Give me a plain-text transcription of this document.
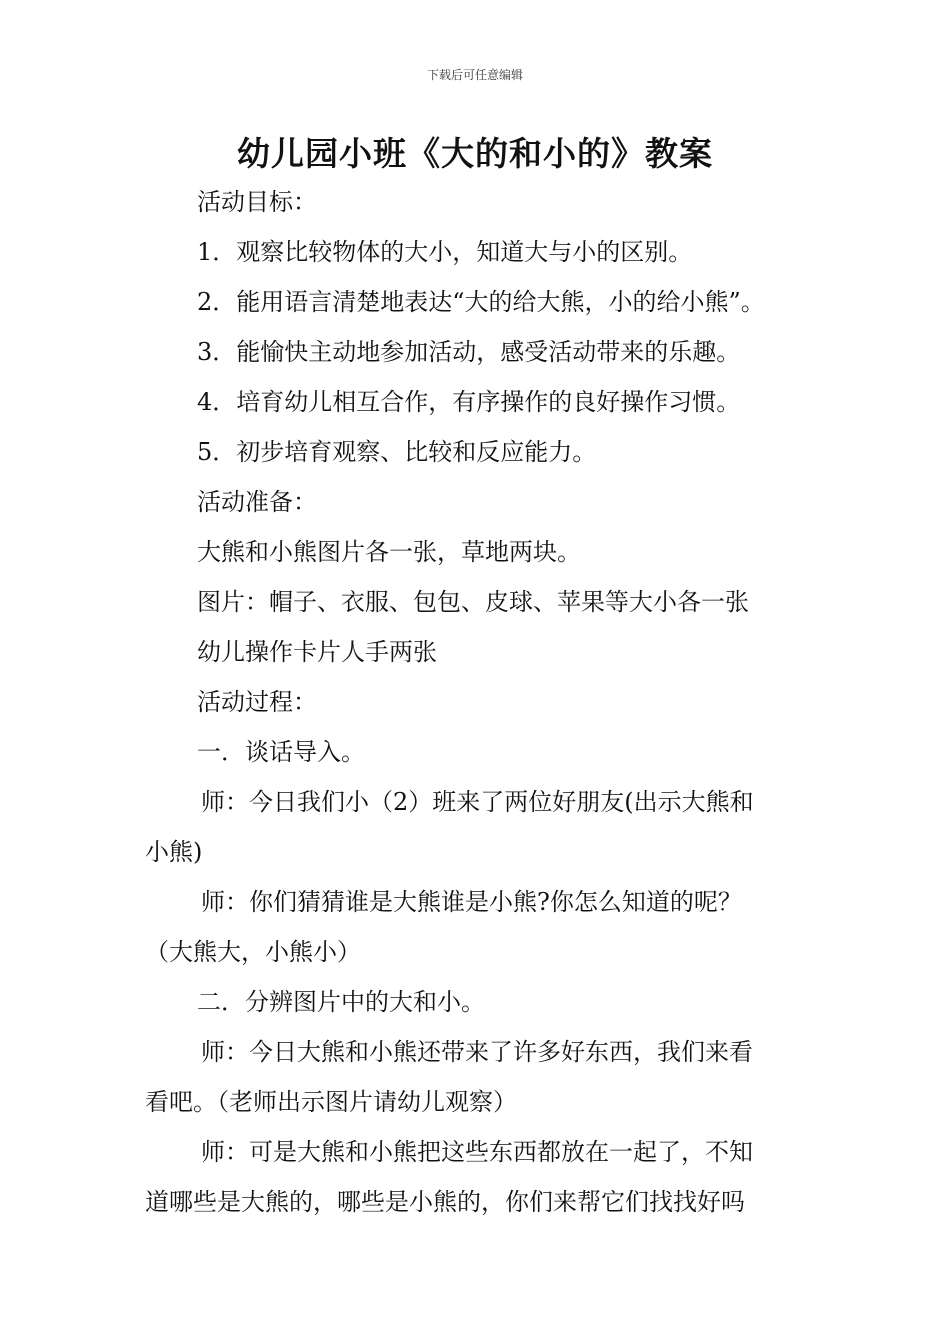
下载后可任意编辑
幼儿园小班《大的和小的》教案
活动目标：
1．观察比较物体的大小，知道大与小的区别。
2．能用语言清楚地表达“大的给大熊，小的给小熊”。
3．能愉快主动地参加活动，感受活动带来的乐趣。
4．培育幼儿相互合作，有序操作的良好操作习惯。
5．初步培育观察、比较和反应能力。
活动准备：
大熊和小熊图片各一张，草地两块。
图片：帽子、衣服、包包、皮球、苹果等大小各一张
幼儿操作卡片人手两张
活动过程：
一．谈话导入。
师：今日我们小（2）班来了两位好朋友(出示大熊和
小熊)
师：你们猜猜谁是大熊谁是小熊?你怎么知道的呢？
（大熊大，小熊小）
二．分辨图片中的大和小。
师：今日大熊和小熊还带来了许多好东西，我们来看
看吧。（老师出示图片请幼儿观察）
师：可是大熊和小熊把这些东西都放在一起了，不知
道哪些是大熊的，哪些是小熊的，你们来帮它们找找好吗
